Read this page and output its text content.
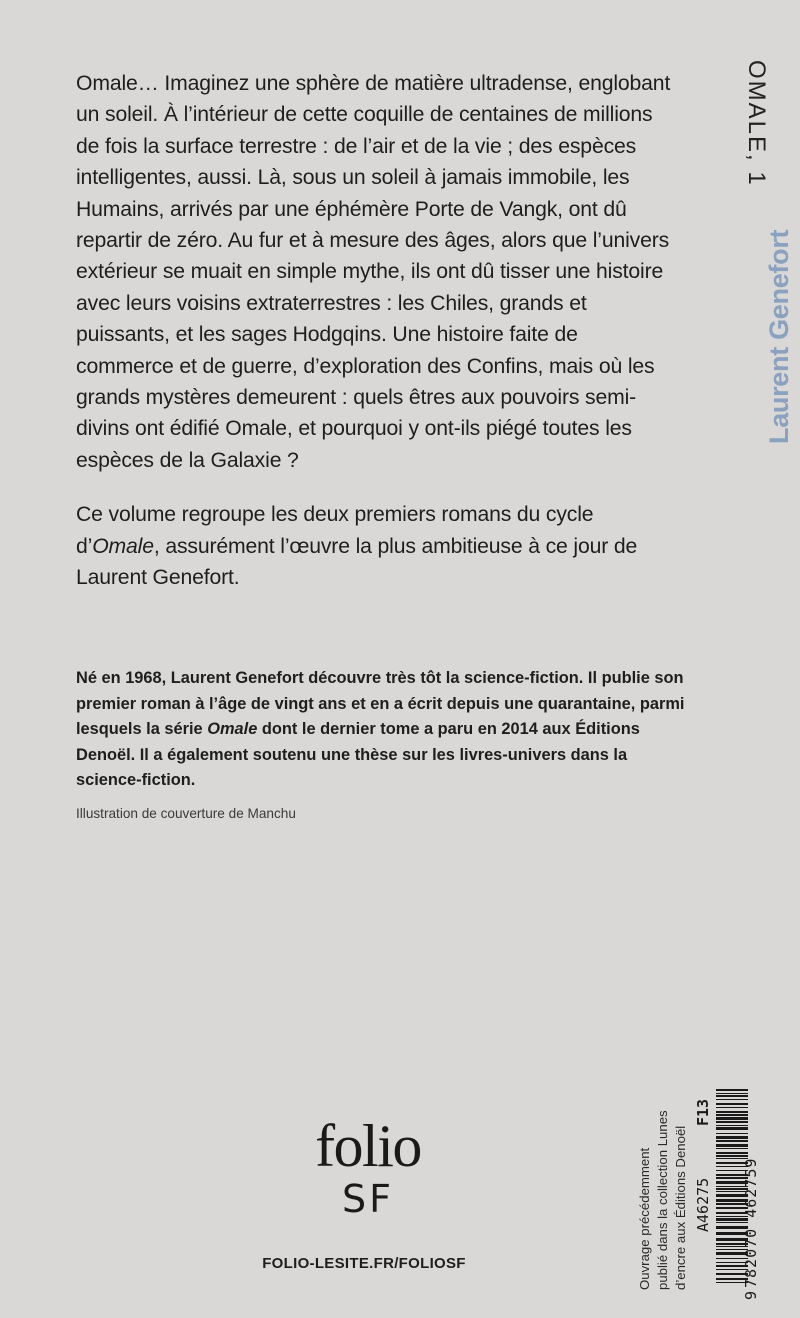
Omale… Imaginez une sphère de matière ultradense, englobant un soleil. À l’intérieur de cette coquille de centaines de millions de fois la surface terrestre : de l’air et de la vie ; des espèces intelligentes, aussi. Là, sous un soleil à jamais immobile, les Humains, arrivés par une éphémère Porte de Vangk, ont dû repartir de zéro. Au fur et à mesure des âges, alors que l’univers extérieur se muait en simple mythe, ils ont dû tisser une histoire avec leurs voisins extraterrestres : les Chiles, grands et puissants, et les sages Hodgqins. Une histoire faite de commerce et de guerre, d’exploration des Confins, mais où les grands mystères demeurent : quels êtres aux pouvoirs semi-divins ont édifié Omale, et pourquoi y ont-ils piégé toutes les espèces de la Galaxie ?

Ce volume regroupe les deux premiers romans du cycle d’Omale, assurément l’œuvre la plus ambitieuse à ce jour de Laurent Genefort.

Né en 1968, Laurent Genefort découvre très tôt la science-fiction. Il publie son premier roman à l’âge de vingt ans et en a écrit depuis une quarantaine, parmi lesquels la série Omale dont le dernier tome a paru en 2014 aux Éditions Denoël. Il a également soutenu une thèse sur les livres-univers dans la science-fiction.
Illustration de couverture de Manchu
OMALE, 1
Laurent Genefort
folio
SF
FOLIO-LESITE.FR/FOLIOSF	Ouvrage précédemment publié dans la collection Lunes d’encre aux Éditions Denoël A46275
F13
9
782070 462759
